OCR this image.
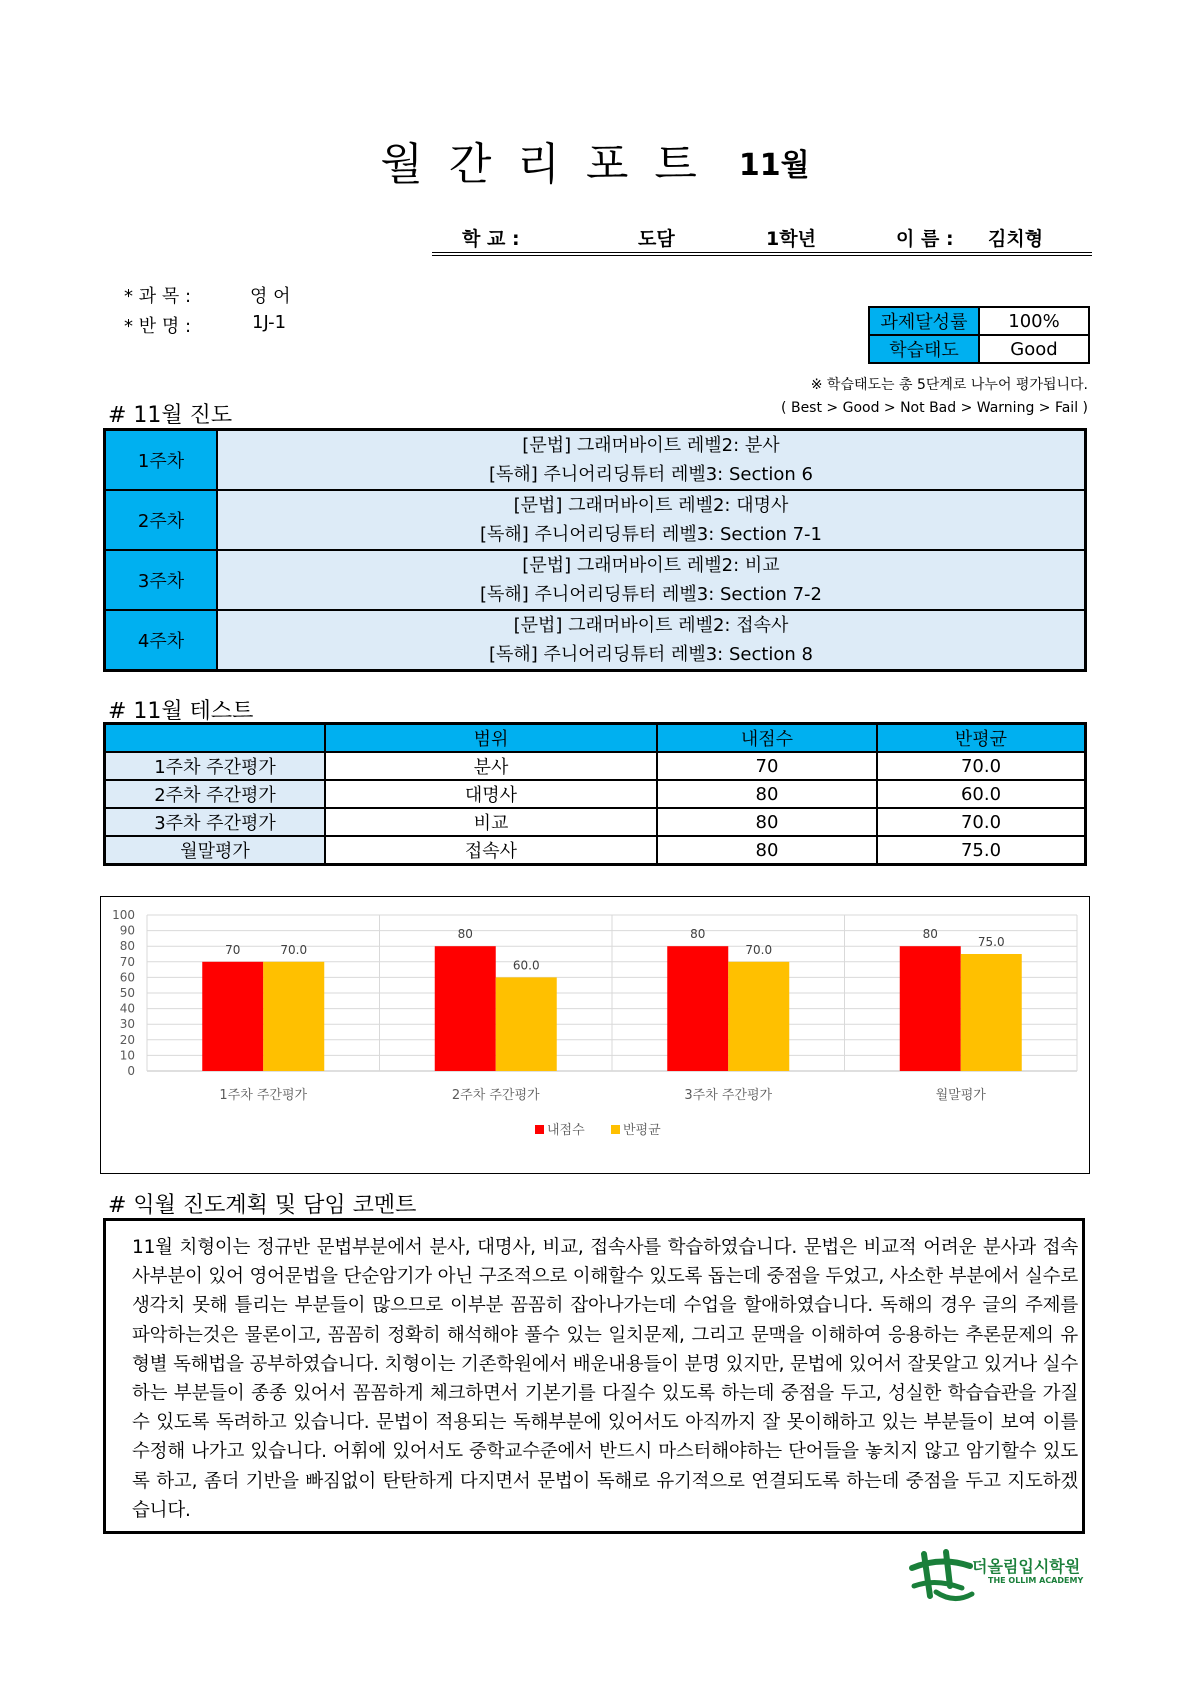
월간리포트 11월
학 교 :	도담	1학년	이 름 : 김치형
* 과 목 :	영 어
* 반 명 :	1J-1	과제달성률	100%
학습태도	Good
※ 학습태도는 총 5단계로 나누어 평가됩니다.
( Best > Good > Not Bad > Warning > Fail )
# 11월 진도
1주차	[문법] 그래머바이트 레벨2: 분사
[독해] 주니어리딩튜터 레벨3: Section 6

2주차	[문법] 그래머바이트 레벨2: 대명사
[독해] 주니어리딩튜터 레벨3: Section 7-1

3주차	[문법] 그래머바이트 레벨2: 비교
[독해] 주니어리딩튜터 레벨3: Section 7-2

4주차	[문법] 그래머바이트 레벨2: 접속사
[독해] 주니어리딩튜터 레벨3: Section 8
# 11월 테스트
	범위	내점수	반평균
1주차 주간평가	분사	70	70.0
2주차 주간평가	대명사	80	60.0
3주차 주간평가	비교	80	70.0
월말평가	접속사	80	75.0
0
10
20
30
40
50
60
70
80
90
100
70	70.0
1주차 주간평가
80
60.0
2주차 주간평가
80
70.0
3주차 주간평가
80
75.0
월말평가
내점수	반평균
# 익월 진도계획 및 담임 코멘트
11월 치형이는 정규반 문법부분에서 분사, 대명사, 비교, 접속사를 학습하였습니다. 문법은 비교적 어려운 분사과 접속사부분이 있어 영어문법을 단순암기가 아닌 구조적으로 이해할수 있도록 돕는데 중점을 두었고, 사소한 부분에서 실수로 생각치 못해 틀리는 부분들이 많으므로 이부분 꼼꼼히 잡아나가는데 수업을 할애하였습니다. 독해의 경우 글의 주제를 파악하는것은 물론이고, 꼼꼼히 정확히 해석해야 풀수 있는 일치문제, 그리고 문맥을 이해하여 응용하는 추론문제의 유형별 독해법을 공부하였습니다. 치형이는 기존학원에서 배운내용들이 분명 있지만, 문법에 있어서 잘못알고 있거나 실수하는 부분들이 종종 있어서 꼼꼼하게 체크하면서 기본기를 다질수 있도록 하는데 중점을 두고, 성실한 학습습관을 가질수 있도록 독려하고 있습니다. 문법이 적용되는 독해부분에 있어서도 아직까지 잘 못이해하고 있는 부분들이 보여 이를 수정해 나가고 있습니다. 어휘에 있어서도 중학교수준에서 반드시 마스터해야하는 단어들을 놓치지 않고 암기할수 있도록 하고, 좀더 기반을 빠짐없이 탄탄하게 다지면서 문법이 독해로 유기적으로 연결되도록 하는데 중점을 두고 지도하겠습니다.
더올림입시학원
THE OLLIM ACADEMY
